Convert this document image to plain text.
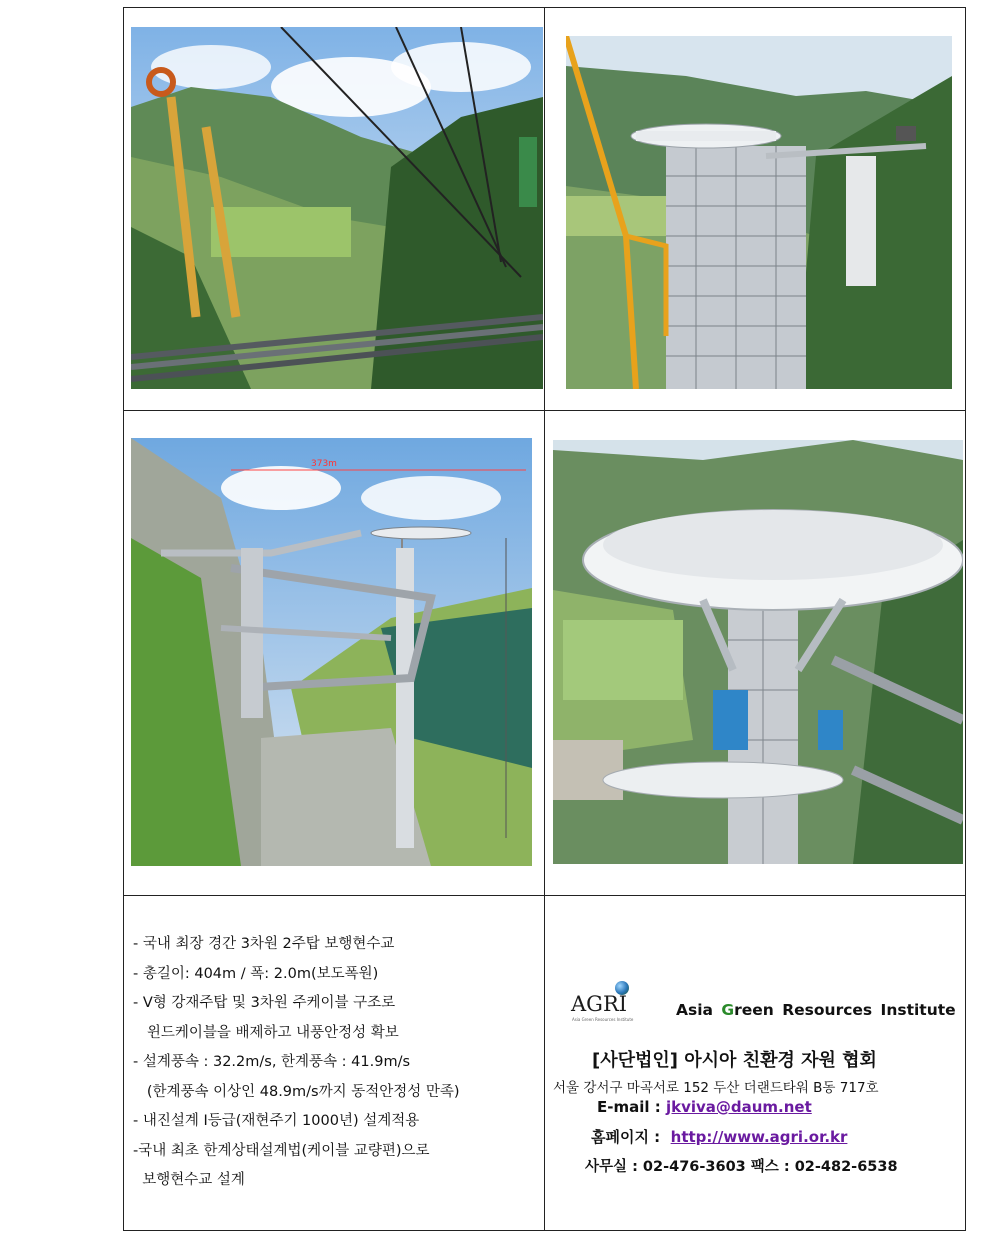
373m
- 국내 최장 경간 3차원 2주탑 보행현수교
- 총길이: 404m / 폭: 2.0m(보도폭원)
- V형 강재주탑 및 3차원 주케이블 구조로
윈드케이블을 배제하고 내풍안정성 확보
- 설계풍속 : 32.2m/s, 한계풍속 : 41.9m/s
(한계풍속 이상인 48.9m/s까지 동적안정성 만족)
- 내진설계 I등급(재현주기 1000년) 설계적용
-국내 최초 한계상태설계법(케이블 교량편)으로
보행현수교 설계
AGRI
Asia Green Resources Institute
Asia Green Resources Institute
[사단법인] 아시아 친환경 자원 협회
서울 강서구 마곡서로 152 두산 더랜드타워 B동 717호
E-mail : jkviva@daum.net
홈페이지 :  http://www.agri.or.kr
사무실 : 02-476-3603 팩스 : 02-482-6538
